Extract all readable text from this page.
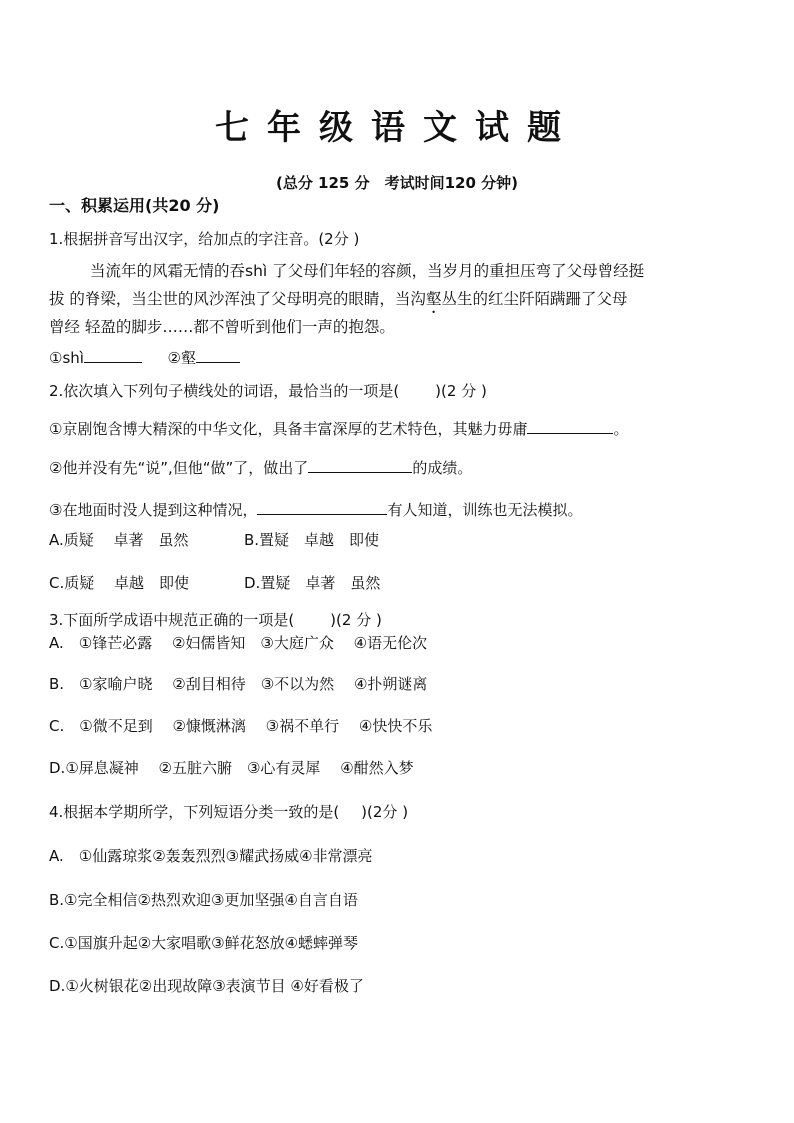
七年级语文试题
(总分 125 分　考试时间120 分钟)
一、积累运用(共20 分)
1.根据拼音写出汉字，给加点的字注音。(2分 )
当流年的风霜无情的吞shì 了父母们年轻的容颜，当岁月的重担压弯了父母曾经挺
拔 的脊梁，当尘世的风沙浑浊了父母明亮的眼睛，当沟壑丛生的红尘阡陌蹒跚了父母
曾经 轻盈的脚步……都不曾听到他们一声的抱怨。
①shì	②壑
2.依次填入下列句子横线处的词语，最恰当的一项是( )(2 分 )
①京剧饱含博大精深的中华文化，具备丰富深厚的艺术特色，其魅力毋庸	。
②他并没有先“说”,但他“做”了，做出了	的成绩。
③在地面时没人提到这种情况，	有人知道，训练也无法模拟。
A.质疑　 卓著　虽然	B.置疑　卓越　即使
C.质疑　 卓越　即使	D.置疑　卓著　虽然
3.下面所学成语中规范正确的一项是( )(2 分 )
A.　①锋芒必露　 ②妇儒皆知　③大庭广众　 ④语无伦次
B.　①家喻户晓　 ②刮目相待　③不以为然　 ④扑朔谜离
C.　①微不足到　 ②慷慨淋漓　 ③祸不单行　 ④快快不乐
D.①屏息凝神　 ②五脏六腑　③心有灵犀　 ④酣然入梦
4.根据本学期所学，下列短语分类一致的是( )(2分 )
A.　①仙露琼浆②轰轰烈烈③耀武扬威④非常漂亮
B.①完全相信②热烈欢迎③更加坚强④自言自语
C.①国旗升起②大家唱歌③鲜花怒放④蟋蟀弹琴
D.①火树银花②出现故障③表演节目 ④好看极了
